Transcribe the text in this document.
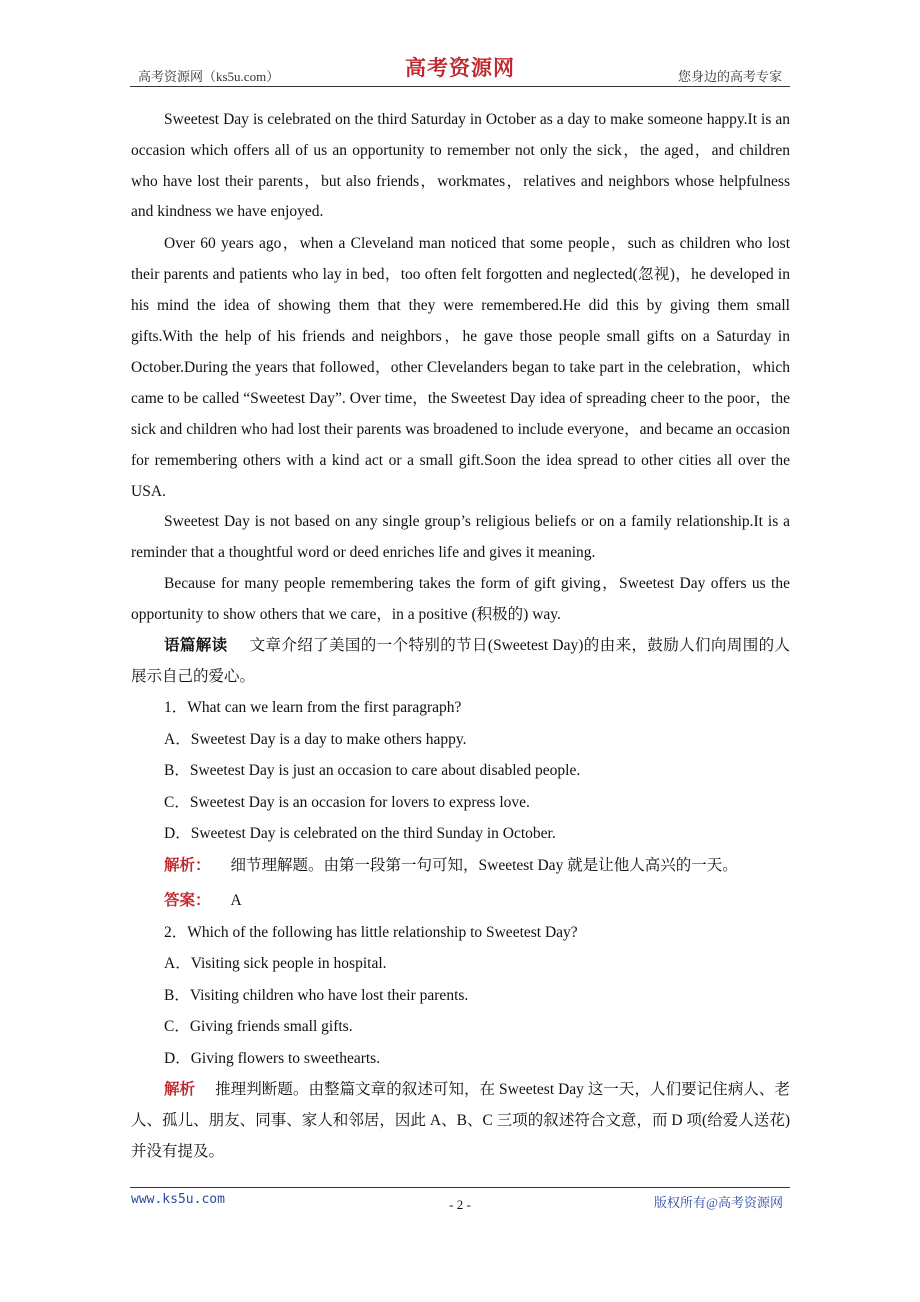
高考资源网（ks5u.com）	高考资源网	您身边的高考专家

Sweetest Day is celebrated on the third Saturday in October as a day to make someone happy.It is an occasion which offers all of us an opportunity to remember not only the sick，the aged，and children who have lost their parents，but also friends，workmates，relatives and neighbors whose helpfulness and kindness we have enjoyed.

Over 60 years ago，when a Cleveland man noticed that some people，such as children who lost their parents and patients who lay in bed，too often felt forgotten and neglected(忽视)，he developed in his mind the idea of showing them that they were remembered.He did this by giving them small gifts.With the help of his friends and neighbors，he gave those people small gifts on a Saturday in October.During the years that followed，other Clevelanders began to take part in the celebration，which came to be called “Sweetest Day”. Over time，the Sweetest Day idea of spreading cheer to the poor，the sick and children who had lost their parents was broadened to include everyone，and became an occasion for remembering others with a kind act or a small gift.Soon the idea spread to other cities all over the USA.

Sweetest Day is not based on any single group’s religious beliefs or on a family relationship.It is a reminder that a thoughtful word or deed enriches life and gives it meaning.

Because for many people remembering takes the form of gift giving，Sweetest Day offers us the opportunity to show others that we care，in a positive (积极的) way.

语篇解读 文章介绍了美国的一个特别的节日(Sweetest Day)的由来，鼓励人们向周围的人展示自己的爱心。

1．What can we learn from the first paragraph?

A．Sweetest Day is a day to make others happy.

B．Sweetest Day is just an occasion to care about disabled people.

C．Sweetest Day is an occasion for lovers to express love.

D．Sweetest Day is celebrated on the third Sunday in October.

解析： 细节理解题。由第一段第一句可知，Sweetest Day 就是让他人高兴的一天。

答案： A

2．Which of the following has little relationship to Sweetest Day?

A．Visiting sick people in hospital.

B．Visiting children who have lost their parents.

C．Giving friends small gifts.

D．Giving flowers to sweethearts.

解析 推理判断题。由整篇文章的叙述可知，在 Sweetest Day 这一天，人们要记住病人、老人、孤儿、朋友、同事、家人和邻居，因此 A、B、C 三项的叙述符合文意，而 D 项(给爱人送花)并没有提及。

www.ks5u.com	- 2 -	版权所有@高考资源网
